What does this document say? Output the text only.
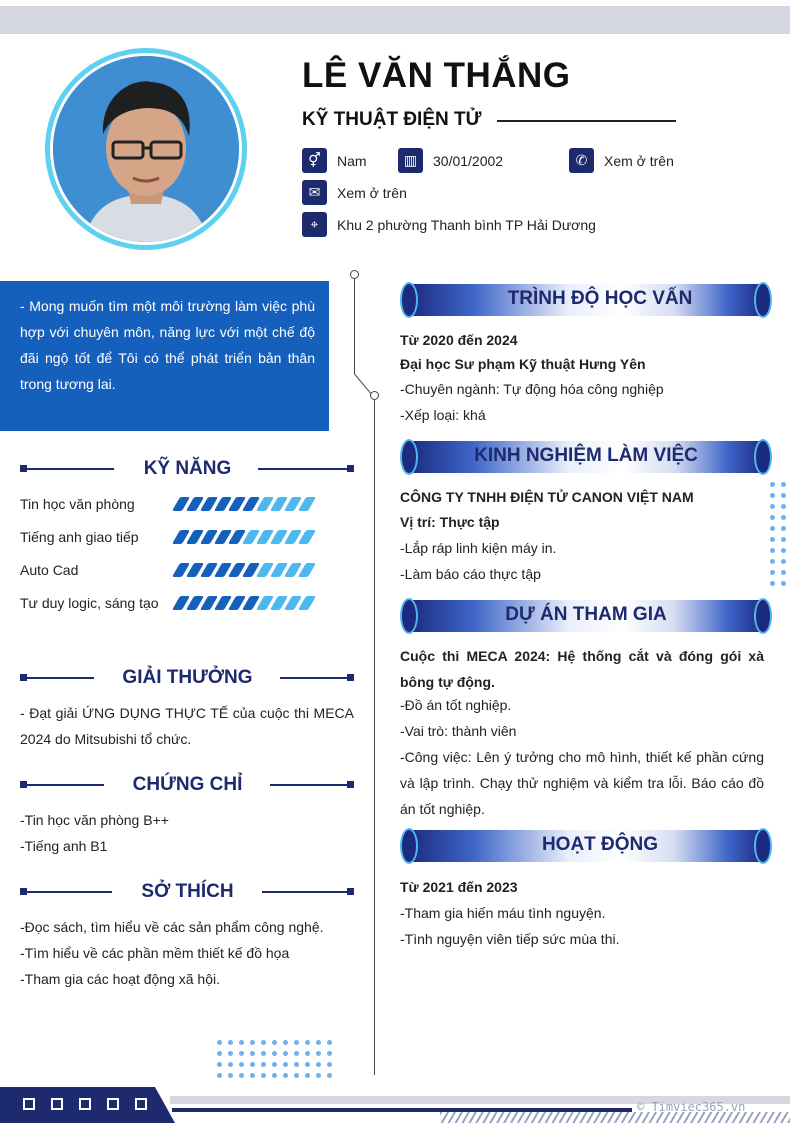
LÊ VĂN THẮNG
KỸ THUẬT ĐIỆN TỬ
⚥	Nam	▥	30/01/2002	✆	Xem ở trên
✉	Xem ở trên
⌖	Khu 2 phường Thanh bình TP Hải Dương
- Mong muốn tìm một môi trường làm việc phù hợp với chuyên môn, năng lực với một chế độ đãi ngộ tốt để Tôi có thể phát triển bản thân trong tương lai.
KỸ NĂNG
Tin học văn phòng
Tiếng anh giao tiếp
Auto Cad
Tư duy logic, sáng tạo
GIẢI THƯỞNG
- Đạt giải ỨNG DỤNG THỰC TẾ của cuộc thi MECA 2024 do Mitsubishi tổ chức.
CHỨNG CHỈ
-Tin học văn phòng B++
-Tiếng anh B1
SỞ THÍCH
-Đọc sách, tìm hiểu về các sản phẩm công nghệ.
-Tìm hiểu về các phần mềm thiết kế đồ họa
-Tham gia các hoạt động xã hội.
TRÌNH ĐỘ HỌC VẤN
Từ 2020 đến 2024
Đại học Sư phạm Kỹ thuật Hưng Yên
-Chuyên ngành: Tự động hóa công nghiệp
-Xếp loại: khá
KINH NGHIỆM LÀM VIỆC
CÔNG TY TNHH ĐIỆN TỬ CANON VIỆT NAM
Vị trí: Thực tập
-Lắp ráp linh kiện máy in.
-Làm báo cáo thực tập
DỰ ÁN THAM GIA
Cuộc thi MECA 2024: Hệ thống cắt và đóng gói xà bông tự động.
-Đồ án tốt nghiệp.
-Vai trò: thành viên
-Công việc: Lên ý tưởng cho mô hình, thiết kế phần cứng và lập trình. Chạy thử nghiệm và kiểm tra lỗi. Báo cáo đồ án tốt nghiệp.
HOẠT ĐỘNG
Từ 2021 đến 2023
-Tham gia hiến máu tình nguyện.
-Tình nguyện viên tiếp sức mùa thi.
© Timviec365.vn
